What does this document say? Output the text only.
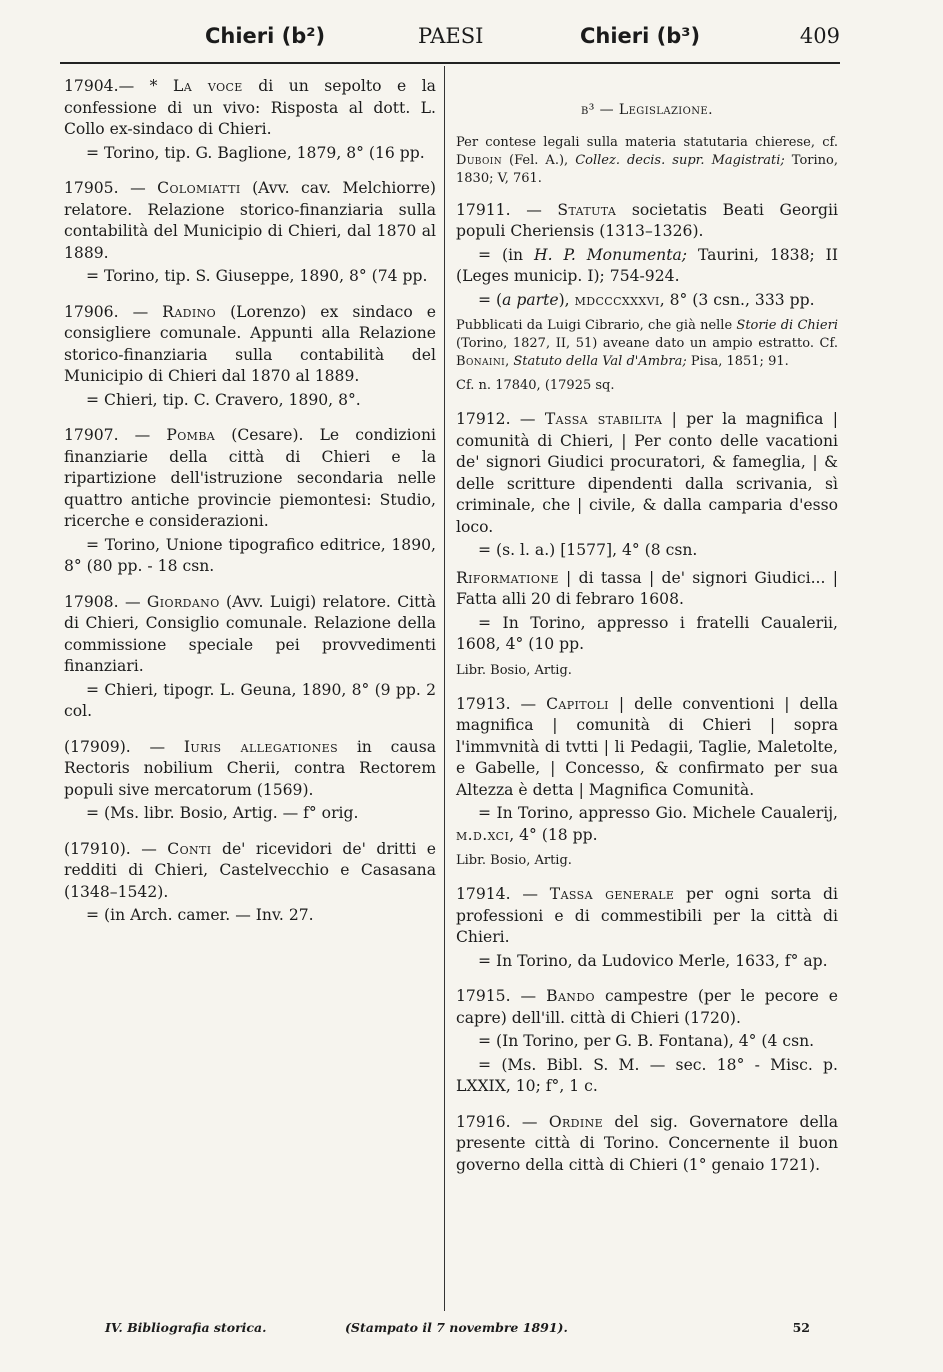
Chieri (b²)	PAESI	Chieri (b³)	409

17904.— * La voce di un sepolto e la confessione di un vivo: Risposta al dott. L. Collo ex-sindaco di Chieri.

= Torino, tip. G. Baglione, 1879, 8° (16 pp.

17905. — Colomiatti (Avv. cav. Melchiorre) relatore. Relazione storico-finanziaria sulla contabilità del Municipio di Chieri, dal 1870 al 1889.

= Torino, tip. S. Giuseppe, 1890, 8° (74 pp.

17906. — Radino (Lorenzo) ex sindaco e consigliere comunale. Appunti alla Relazione storico-finanziaria sulla contabilità del Municipio di Chieri dal 1870 al 1889.

= Chieri, tip. C. Cravero, 1890, 8°.

17907. — Pomba (Cesare). Le condizioni finanziarie della città di Chieri e la ripartizione dell'istruzione secondaria nelle quattro antiche provincie piemontesi: Studio, ricerche e considerazioni.

= Torino, Unione tipografico editrice, 1890, 8° (80 pp. - 18 csn.

17908. — Giordano (Avv. Luigi) relatore. Città di Chieri, Consiglio comunale. Relazione della commissione speciale pei provvedimenti finanziari.

= Chieri, tipogr. L. Geuna, 1890, 8° (9 pp. 2 col.

(17909). — Iuris allegationes in causa Rectoris nobilium Cherii, contra Rectorem populi sive mercatorum (1569).

= (Ms. libr. Bosio, Artig. — f° orig.

(17910). — Conti de' ricevidori de' dritti e redditi di Chieri, Castelvecchio e Casasana (1348–1542).

= (in Arch. camer. — Inv. 27.

b³ — Legislazione.

Per contese legali sulla materia statutaria chierese, cf. Duboin (Fel. A.), Collez. decis. supr. Magistrati; Torino, 1830; V, 761.

17911. — Statuta societatis Beati Georgii populi Cheriensis (1313–1326).

= (in H. P. Monumenta; Taurini, 1838; II (Leges municip. I); 754-924.

= (a parte), mdcccxxxvi, 8° (3 csn., 333 pp.

Pubblicati da Luigi Cibrario, che già nelle Storie di Chieri (Torino, 1827, II, 51) aveane dato un ampio estratto. Cf. Bonaini, Statuto della Val d'Ambra; Pisa, 1851; 91.

Cf. n. 17840, (17925 sq.

17912. — Tassa stabilita | per la magnifica | comunità di Chieri, | Per conto delle vacationi de' signori Giudici procuratori, & fameglia, | & delle scritture dipendenti dalla scrivania, sì criminale, che | civile, & dalla camparia d'esso loco.

= (s. l. a.) [1577], 4° (8 csn.

Riformatione | di tassa | de' signori Giudici... | Fatta alli 20 di febraro 1608.

= In Torino, appresso i fratelli Caualerii, 1608, 4° (10 pp.

Libr. Bosio, Artig.

17913. — Capitoli | delle conventioni | della magnifica | comunità di Chieri | sopra l'immvnità di tvtti | li Pedagii, Taglie, Maletolte, e Gabelle, | Concesso, & confirmato per sua Altezza è detta | Magnifica Comunità.

= In Torino, appresso Gio. Michele Caualerij, m.d.xci, 4° (18 pp.

Libr. Bosio, Artig.

17914. — Tassa generale per ogni sorta di professioni e di commestibili per la città di Chieri.

= In Torino, da Ludovico Merle, 1633, f° ap.

17915. — Bando campestre (per le pecore e capre) dell'ill. città di Chieri (1720).

= (In Torino, per G. B. Fontana), 4° (4 csn.

= (Ms. Bibl. S. M. — sec. 18° - Misc. p. LXXIX, 10; f°, 1 c.

17916. — Ordine del sig. Governatore della presente città di Torino. Concernente il buon governo della città di Chieri (1° genaio 1721).

IV. Bibliografia storica.	(Stampato il 7 novembre 1891).	52
